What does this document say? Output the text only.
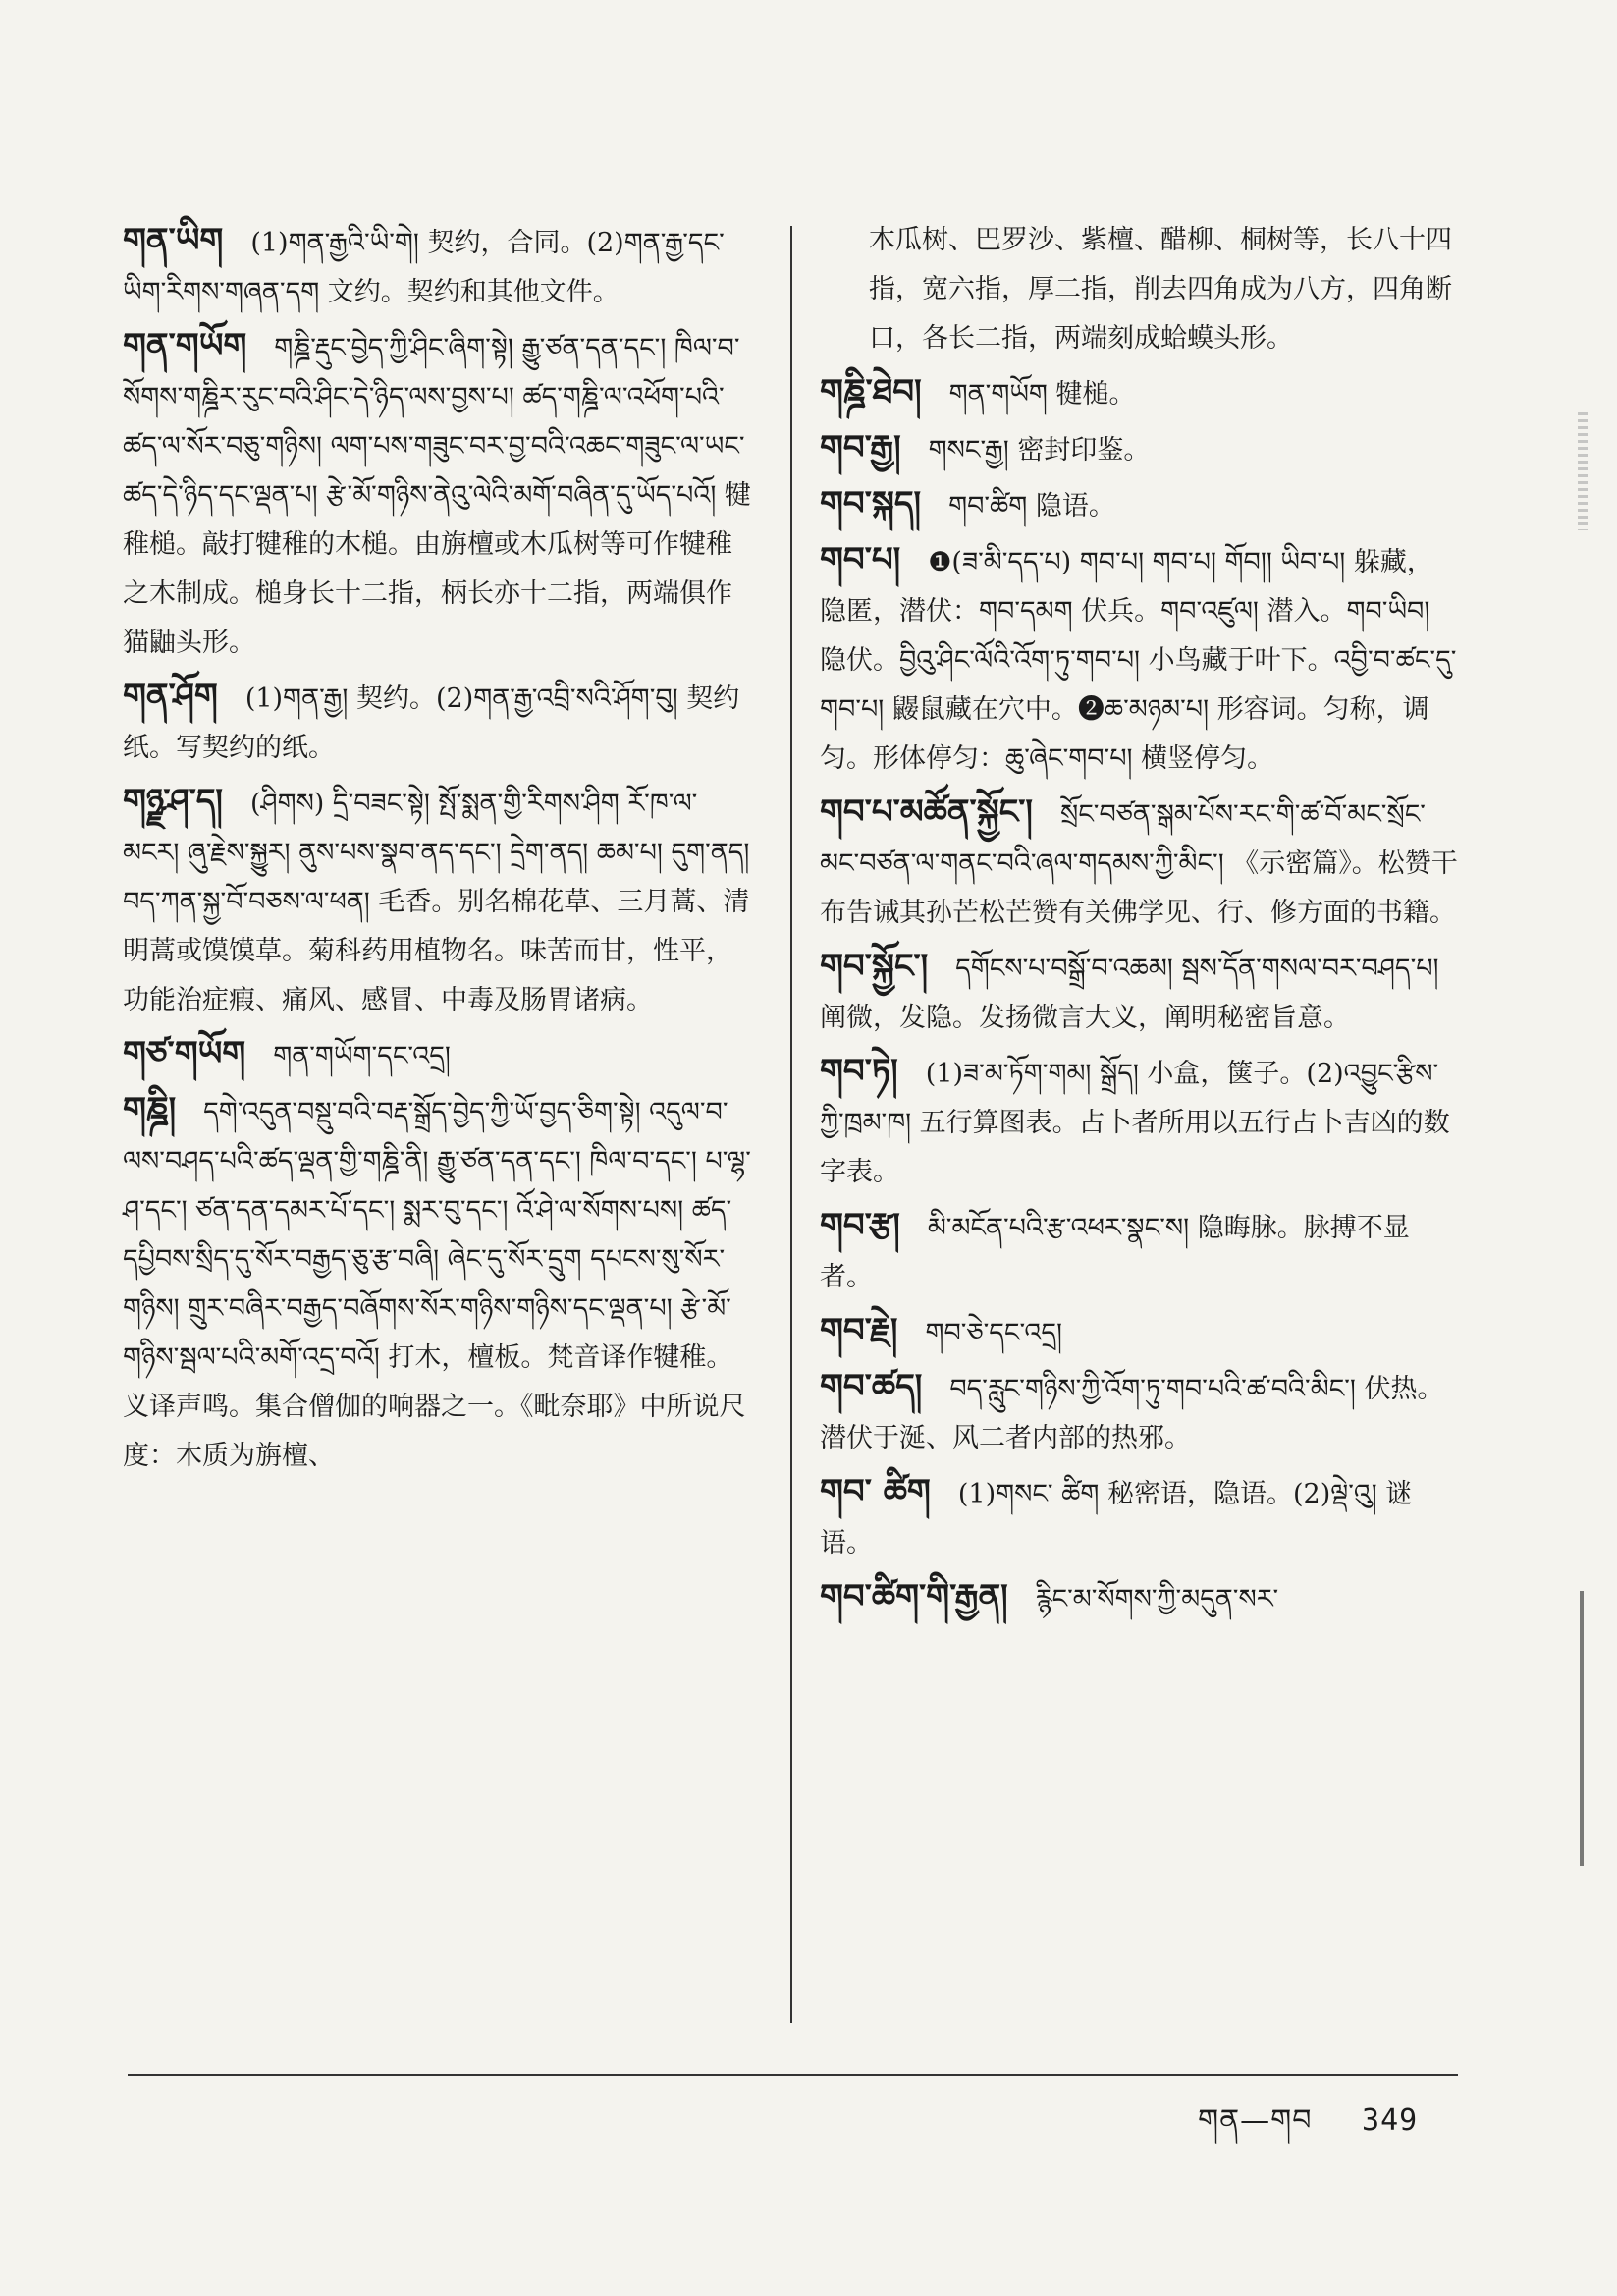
གན་ཡིག (1)གན་རྒྱའི་ཡི་གེ། 契约，合同。(2)གན་རྒྱ་དང་ཡིག་རིགས་གཞན་དག 文约。契约和其他文件。

གན་གཡོག གཎྜི་རྡུང་བྱེད་ཀྱི་ཤིང་ཞིག་སྟེ། རྒྱུ་ཙན་དན་དང་། ཁིལ་བ་སོགས་གཎྜིར་རུང་བའི་ཤིང་དེ་ཉིད་ལས་བྱས་པ། ཚད་གཎྜི་ལ་འཕོག་པའི་ཚད་ལ་སོར་བཅུ་གཉིས། ལག་པས་གཟུང་བར་བྱ་བའི་འཆང་གཟུང་ལ་ཡང་ཚད་དེ་ཉིད་དང་ལྡན་པ། རྩེ་མོ་གཉིས་ནེའུ་ལེའི་མགོ་བཞིན་དུ་ཡོད་པའོ། 犍稚槌。敲打犍稚的木槌。由旃檀或木瓜树等可作犍稚之木制成。槌身长十二指，柄长亦十二指，两端俱作猫鼬头形。

གན་ཤོག (1)གན་རྒྱ། 契约。(2)གན་རྒྱ་འབྲི་སའི་ཤོག་བུ། 契约纸。写契约的纸。

གཉྫ་ཤ་ད། (ཤིགས) དྲི་བཟང་སྟེ། སྤོ་སྨན་གྱི་རིགས་ཤིག རོ་ཁ་ལ་མངར། ཞུ་རྗེས་སྐྱུར། ནུས་པས་སྣབ་ནད་དང་། དྲེག་ནད། ཆམ་པ། དུག་ནད། བད་ཀན་སྐྱ་བོ་བཅས་ལ་ཕན། 毛香。别名棉花草、三月蒿、清明蒿或馍馍草。菊科药用植物名。味苦而甘，性平，功能治症瘕、痛风、感冒、中毒及肠胃诸病。

གཙ་གཡོག གན་གཡོག་དང་འདྲ།

གཎྜི། དགེ་འདུན་བསྡུ་བའི་བརྡ་སྒྲོད་བྱེད་ཀྱི་ཡོ་བྱད་ཅིག་སྟེ། འདུལ་བ་ལས་བཤད་པའི་ཚད་ལྡན་གྱི་གཎྜི་ནི། རྒྱུ་ཙན་དན་དང་། ཁིལ་བ་དང་། པ་ལྷ་ཤ་དང་། ཙན་དན་དམར་པོ་དང་། སྨར་བུ་དང་། འོ་ཤེ་ལ་སོགས་པས། ཚད་དཔྱིབས་སྲིད་དུ་སོར་བརྒྱད་ཅུ་རྩ་བཞི། ཞེང་དུ་སོར་དྲུག དཔངས་སུ་སོར་གཉིས། གྲུར་བཞིར་བརྒྱད་བཞོགས་སོར་གཉིས་གཉིས་དང་ལྡན་པ། རྩེ་མོ་གཉིས་སྦལ་པའི་མགོ་འདྲ་བའོ། 打木，檀板。梵音译作犍稚。义译声鸣。集合僧伽的响器之一。《毗奈耶》中所说尺度：木质为旃檀、

木瓜树、巴罗沙、紫檀、醋柳、桐树等，长八十四指，宽六指，厚二指，削去四角成为八方，四角断口，各长二指，两端刻成蛤蟆头形。

གཎྜི་ཐེབ། གན་གཡོག 犍槌。

གབ་རྒྱ། གསང་རྒྱ། 密封印鉴。

གབ་སྐད། གབ་ཚིག 隐语。

གབ་པ། ❶(ཟ་མི་དད་པ) གབ་པ། གབ་པ། གོབ།། ཡིབ་པ། 躲藏，隐匿，潜伏：གབ་དམག 伏兵。གབ་འཛུལ། 潜入。གབ་ཡིབ། 隐伏。བྱིའུ་ཤིང་ལོའི་འོག་ཏུ་གབ་པ། 小鸟藏于叶下。འབྱི་བ་ཚང་དུ་གབ་པ། 鼹鼠藏在穴中。❷ཆ་མཉམ་པ། 形容词。匀称，调匀。形体停匀：ཆུ་ཞེང་གབ་པ། 横竖停匀。

གབ་པ་མཚོན་སྐྱོང་། སྲོང་བཙན་སྒམ་པོས་རང་གི་ཚ་བོ་མང་སྲོང་མང་བཙན་ལ་གནང་བའི་ཞལ་གདམས་ཀྱི་མིང་། 《示密篇》。松赞干布告诫其孙芒松芒赞有关佛学见、行、修方面的书籍。

གབ་སྐྱོང་། དགོངས་པ་བསྒྲོ་བ་འཆམ། སྦས་དོན་གསལ་བར་བཤད་པ། 阐微，发隐。发扬微言大义，阐明秘密旨意。

གབ་ཏེ། (1)ཟ་མ་ཏོག་གམ། སྒྲོད། 小盒，箧子。(2)འབྱུང་རྩིས་ཀྱི་ཁྲམ་ཁ། 五行算图表。占卜者所用以五行占卜吉凶的数字表。

གབ་རྩ། མི་མངོན་པའི་རྩ་འཕར་སྣང་ས། 隐晦脉。脉搏不显者。

གབ་རྗེ། གབ་ཅེ་དང་འདྲ།

གབ་ཚད། བད་རླུང་གཉིས་ཀྱི་འོག་ཏུ་གབ་པའི་ཚ་བའི་མིང་། 伏热。潜伏于涎、风二者内部的热邪。

གབ་ ཚིག (1)གསང་ ཚིག 秘密语，隐语。(2)ལྡེ་འུ། 谜语。

གབ་ཚིག་གི་རྒྱན། རྙིང་མ་སོགས་ཀྱི་མདུན་སར་

གན—གབ 349
